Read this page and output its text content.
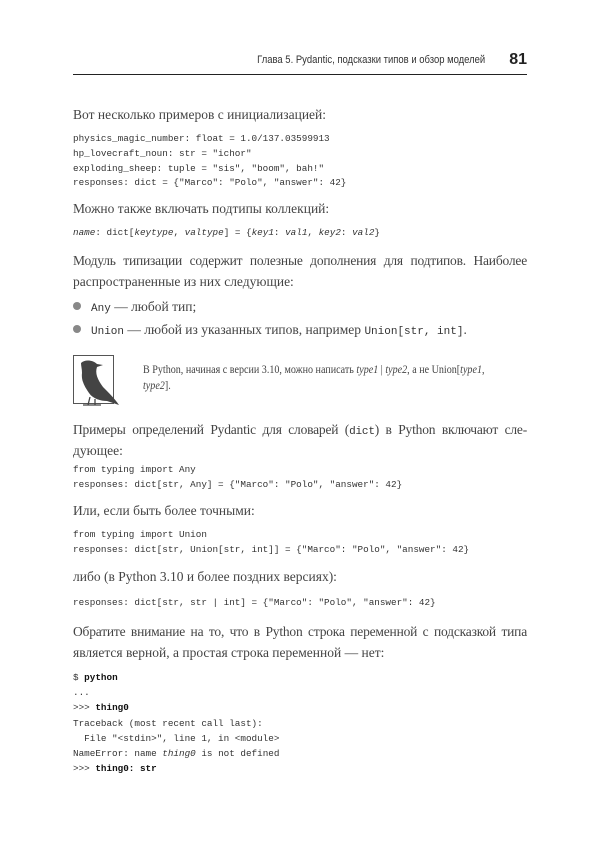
Глава 5. Pydantic, подсказки типов и обзор моделей 81
Вот несколько примеров с инициализацией:
physics_magic_number: float = 1.0/137.03599913
hp_lovecraft_noun: str = "ichor"
exploding_sheep: tuple = "sis", "boom", bah!"
responses: dict = {"Marco": "Polo", "answer": 42}
Можно также включать подтипы коллекций:
name: dict[keytype, valtype] = {key1: val1, key2: val2}
Модуль типизации содержит полезные дополнения для подтипов. Наиболее
распространенные из них следующие:
Any — любой тип;
Union — любой из указанных типов, например Union[str, int].
В Python, начиная с версии 3.10, можно написать type1 | type2, а не Union[type1,
type2].
Примеры определений Pydantic для словарей (dict) в Python включают сле-
дующее:
from typing import Any
responses: dict[str, Any] = {"Marco": "Polo", "answer": 42}
Или, если быть более точными:
from typing import Union
responses: dict[str, Union[str, int]] = {"Marco": "Polo", "answer": 42}
либо (в Python 3.10 и более поздних версиях):
responses: dict[str, str | int] = {"Marco": "Polo", "answer": 42}
Обратите внимание на то, что в Python строка переменной с подсказкой типа
является верной, а простая строка переменной — нет:
$ python
...
>>> thing0
Traceback (most recent call last):
File "<stdin>", line 1, in <module>
NameError: name thing0 is not defined
>>> thing0: str
